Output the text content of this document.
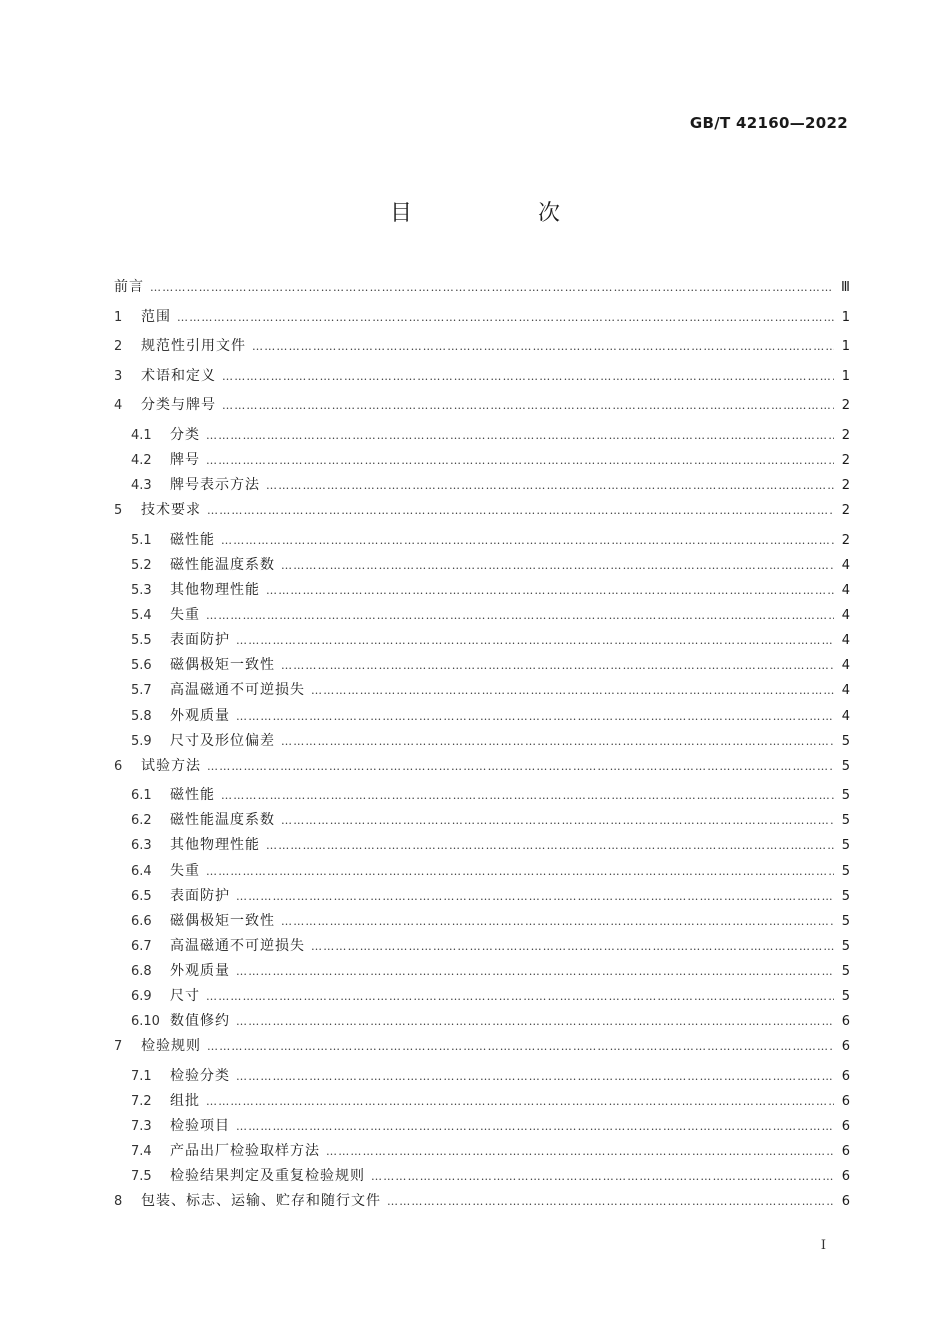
GB/T 42160—2022
目　次
前言 ……………………………………………………………………………………………………………………………………………………………………………………………………………………………	Ⅲ
1	范围 ……………………………………………………………………………………………………………………………………………………………………………………………………………………………	1
2	规范性引用文件 ……………………………………………………………………………………………………………………………………………………………………………………………………………………………	1
3	术语和定义 ……………………………………………………………………………………………………………………………………………………………………………………………………………………………	1
4	分类与牌号 ……………………………………………………………………………………………………………………………………………………………………………………………………………………………	2
4.1	分类 ……………………………………………………………………………………………………………………………………………………………………………………………………………………………	2
4.2	牌号 ……………………………………………………………………………………………………………………………………………………………………………………………………………………………	2
4.3	牌号表示方法 ……………………………………………………………………………………………………………………………………………………………………………………………………………………………	2
5	技术要求 ……………………………………………………………………………………………………………………………………………………………………………………………………………………………	2
5.1	磁性能 ……………………………………………………………………………………………………………………………………………………………………………………………………………………………	2
5.2	磁性能温度系数 ……………………………………………………………………………………………………………………………………………………………………………………………………………………………	4
5.3	其他物理性能 ……………………………………………………………………………………………………………………………………………………………………………………………………………………………	4
5.4	失重 ……………………………………………………………………………………………………………………………………………………………………………………………………………………………	4
5.5	表面防护 ……………………………………………………………………………………………………………………………………………………………………………………………………………………………	4
5.6	磁偶极矩一致性 ……………………………………………………………………………………………………………………………………………………………………………………………………………………………	4
5.7	高温磁通不可逆损失 ……………………………………………………………………………………………………………………………………………………………………………………………………………………………	4
5.8	外观质量 ……………………………………………………………………………………………………………………………………………………………………………………………………………………………	4
5.9	尺寸及形位偏差 ……………………………………………………………………………………………………………………………………………………………………………………………………………………………	5
6	试验方法 ……………………………………………………………………………………………………………………………………………………………………………………………………………………………	5
6.1	磁性能 ……………………………………………………………………………………………………………………………………………………………………………………………………………………………	5
6.2	磁性能温度系数 ……………………………………………………………………………………………………………………………………………………………………………………………………………………………	5
6.3	其他物理性能 ……………………………………………………………………………………………………………………………………………………………………………………………………………………………	5
6.4	失重 ……………………………………………………………………………………………………………………………………………………………………………………………………………………………	5
6.5	表面防护 ……………………………………………………………………………………………………………………………………………………………………………………………………………………………	5
6.6	磁偶极矩一致性 ……………………………………………………………………………………………………………………………………………………………………………………………………………………………	5
6.7	高温磁通不可逆损失 ……………………………………………………………………………………………………………………………………………………………………………………………………………………………	5
6.8	外观质量 ……………………………………………………………………………………………………………………………………………………………………………………………………………………………	5
6.9	尺寸 ……………………………………………………………………………………………………………………………………………………………………………………………………………………………	5
6.10 数值修约 ……………………………………………………………………………………………………………………………………………………………………………………………………………………………	6
7	检验规则 ……………………………………………………………………………………………………………………………………………………………………………………………………………………………	6
7.1	检验分类 ……………………………………………………………………………………………………………………………………………………………………………………………………………………………	6
7.2	组批 ……………………………………………………………………………………………………………………………………………………………………………………………………………………………	6
7.3	检验项目 ……………………………………………………………………………………………………………………………………………………………………………………………………………………………	6
7.4	产品出厂检验取样方法 ……………………………………………………………………………………………………………………………………………………………………………………………………………………………	6
7.5	检验结果判定及重复检验规则 ……………………………………………………………………………………………………………………………………………………………………………………………………………………………	6
8	包装、标志、运输、贮存和随行文件 ……………………………………………………………………………………………………………………………………………………………………………………………………………………………	6
Ⅰ
